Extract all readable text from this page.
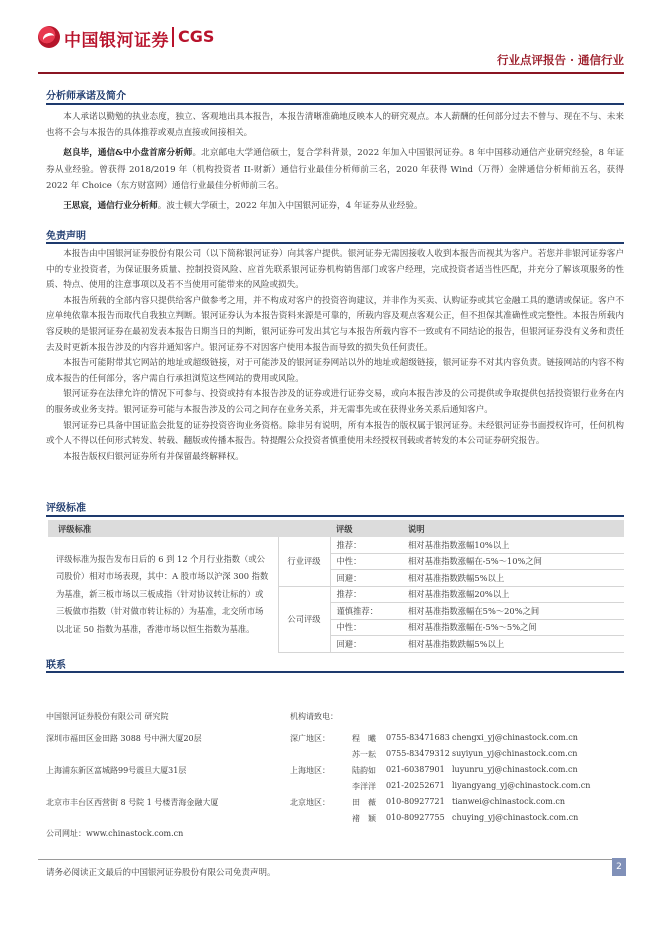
中国银河证券 CGS
行业点评报告 · 通信行业
分析师承诺及简介

本人承诺以勤勉的执业态度，独立、客观地出具本报告，本报告清晰准确地反映本人的研究观点。本人薪酬的任何部分过去不曾与、现在不与、未来也将不会与本报告的具体推荐或观点直接或间接相关。

赵良毕，通信&中小盘首席分析师。北京邮电大学通信硕士，复合学科背景，2022 年加入中国银河证券。8 年中国移动通信产业研究经验，8 年证券从业经验。曾获得 2018/2019 年（机构投资者 II-财新）通信行业最佳分析师前三名，2020 年获得 Wind（万得）金牌通信分析师前五名，获得 2022 年 Choice（东方财富网）通信行业最佳分析师前三名。

王思宸，通信行业分析师。波士顿大学硕士，2022 年加入中国银河证券，4 年证券从业经验。

免责声明

本报告由中国银河证券股份有限公司（以下简称银河证券）向其客户提供。银河证券无需因接收人收到本报告而视其为客户。若您并非银河证券客户中的专业投资者，为保证服务质量、控制投资风险、应首先联系银河证券机构销售部门或客户经理，完成投资者适当性匹配，并充分了解该项服务的性质、特点、使用的注意事项以及若不当使用可能带来的风险或损失。

本报告所载的全部内容只提供给客户做参考之用，并不构成对客户的投资咨询建议，并非作为买卖、认购证券或其它金融工具的邀请或保证。客户不应单纯依靠本报告而取代自我独立判断。银河证券认为本报告资料来源是可靠的，所载内容及观点客观公正，但不担保其准确性或完整性。本报告所载内容反映的是银河证券在最初发表本报告日期当日的判断，银河证券可发出其它与本报告所载内容不一致或有不同结论的报告，但银河证券没有义务和责任去及时更新本报告涉及的内容并通知客户。银河证券不对因客户使用本报告而导致的损失负任何责任。

本报告可能附带其它网站的地址或超级链接，对于可能涉及的银河证券网站以外的地址或超级链接，银河证券不对其内容负责。链接网站的内容不构成本报告的任何部分，客户需自行承担浏览这些网站的费用或风险。

银河证券在法律允许的情况下可参与、投资或持有本报告涉及的证券或进行证券交易，或向本报告涉及的公司提供或争取提供包括投资银行业务在内的服务或业务支持。银河证券可能与本报告涉及的公司之间存在业务关系，并无需事先或在获得业务关系后通知客户。

银河证券已具备中国证监会批复的证券投资咨询业务资格。除非另有说明，所有本报告的版权属于银河证券。未经银河证券书面授权许可，任何机构或个人不得以任何形式转发、转载、翻版或传播本报告。特提醒公众投资者慎重使用未经授权刊载或者转发的本公司证券研究报告。

本报告版权归银河证券所有并保留最终解释权。

评级标准
评级标准		评级	说明
评级标准为报告发布日后的 6 到 12 个月行业指数（或公司股价）相对市场表现，其中：A 股市场以沪深 300 指数为基准，新三板市场以三板成指（针对协议转让标的）或三板做市指数（针对做市转让标的）为基准，北交所市场以北证 50 指数为基准，香港市场以恒生指数为基准。	行业评级	推荐：	相对基准指数涨幅10%以上
		中性：	相对基准指数涨幅在-5%～10%之间
		回避：	相对基准指数跌幅5%以上
	公司评级	推荐：	相对基准指数涨幅20%以上
		谨慎推荐：	相对基准指数涨幅在5%～20%之间
		中性：	相对基准指数涨幅在-5%～5%之间
		回避：	相对基准指数跌幅5%以上
联系
中国银河证券股份有限公司 研究院	机构请致电：
深圳市福田区金田路 3088 号中洲大厦20层
上海浦东新区富城路99号震旦大厦31层
北京市丰台区西营街 8 号院 1 号楼青海金融大厦
深广地区：	程　曦 0755-83471683 chengxi_yj@chinastock.com.cn
苏一耘 0755-83479312 suyiyun_yj@chinastock.com.cn
上海地区：	陆韵如 021-60387901 luyunru_yj@chinastock.com.cn
李洋洋 021-20252671 liyangyang_yj@chinastock.com.cn
北京地区：	田　薇 010-80927721 tianwei@chinastock.com.cn
褚　颖 010-80927755 chuying_yj@chinastock.com.cn
公司网址：www.chinastock.com.cn
请务必阅读正文最后的中国银河证券股份有限公司免责声明。
2
